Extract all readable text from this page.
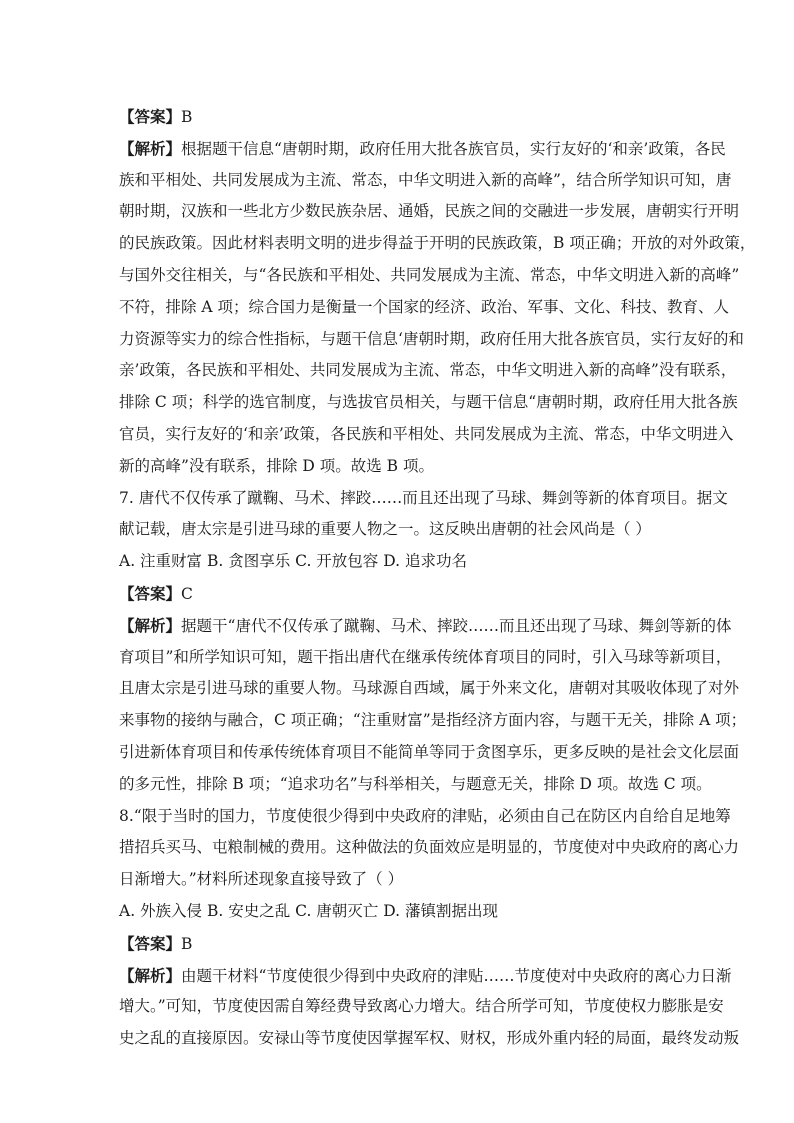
【答案】B
【解析】根据题干信息“唐朝时期，政府任用大批各族官员，实行友好的‘和亲’政策，各民
族和平相处、共同发展成为主流、常态，中华文明进入新的高峰”，结合所学知识可知，唐
朝时期，汉族和一些北方少数民族杂居、通婚，民族之间的交融进一步发展，唐朝实行开明
的民族政策。因此材料表明文明的进步得益于开明的民族政策，B 项正确；开放的对外政策，
与国外交往相关，与“各民族和平相处、共同发展成为主流、常态，中华文明进入新的高峰”
不符，排除 A 项；综合国力是衡量一个国家的经济、政治、军事、文化、科技、教育、人
力资源等实力的综合性指标，与题干信息‘唐朝时期，政府任用大批各族官员，实行友好的和
亲’政策，各民族和平相处、共同发展成为主流、常态，中华文明进入新的高峰”没有联系，
排除 C 项；科学的选官制度，与选拔官员相关，与题干信息“唐朝时期，政府任用大批各族
官员，实行友好的‘和亲’政策，各民族和平相处、共同发展成为主流、常态，中华文明进入
新的高峰”没有联系，排除 D 项。故选 B 项。
7. 唐代不仅传承了蹴鞠、马术、摔跤……而且还出现了马球、舞剑等新的体育项目。据文
献记载，唐太宗是引进马球的重要人物之一。这反映出唐朝的社会风尚是（ ）
A. 注重财富 B. 贪图享乐 C. 开放包容 D. 追求功名
【答案】C
【解析】据题干“唐代不仅传承了蹴鞠、马术、摔跤……而且还出现了马球、舞剑等新的体
育项目”和所学知识可知，题干指出唐代在继承传统体育项目的同时，引入马球等新项目，
且唐太宗是引进马球的重要人物。马球源自西域，属于外来文化，唐朝对其吸收体现了对外
来事物的接纳与融合，C 项正确；“注重财富”是指经济方面内容，与题干无关，排除 A 项；
引进新体育项目和传承传统体育项目不能简单等同于贪图享乐，更多反映的是社会文化层面
的多元性，排除 B 项；“追求功名”与科举相关，与题意无关，排除 D 项。故选 C 项。
8.“限于当时的国力，节度使很少得到中央政府的津贴，必须由自己在防区内自给自足地筹
措招兵买马、屯粮制械的费用。这种做法的负面效应是明显的，节度使对中央政府的离心力
日渐增大。”材料所述现象直接导致了（ ）
A. 外族入侵 B. 安史之乱 C. 唐朝灭亡 D. 藩镇割据出现
【答案】B
【解析】由题干材料“节度使很少得到中央政府的津贴……节度使对中央政府的离心力日渐
增大。”可知，节度使因需自筹经费导致离心力增大。结合所学可知，节度使权力膨胀是安
史之乱的直接原因。安禄山等节度使因掌握军权、财权，形成外重内轻的局面，最终发动叛
